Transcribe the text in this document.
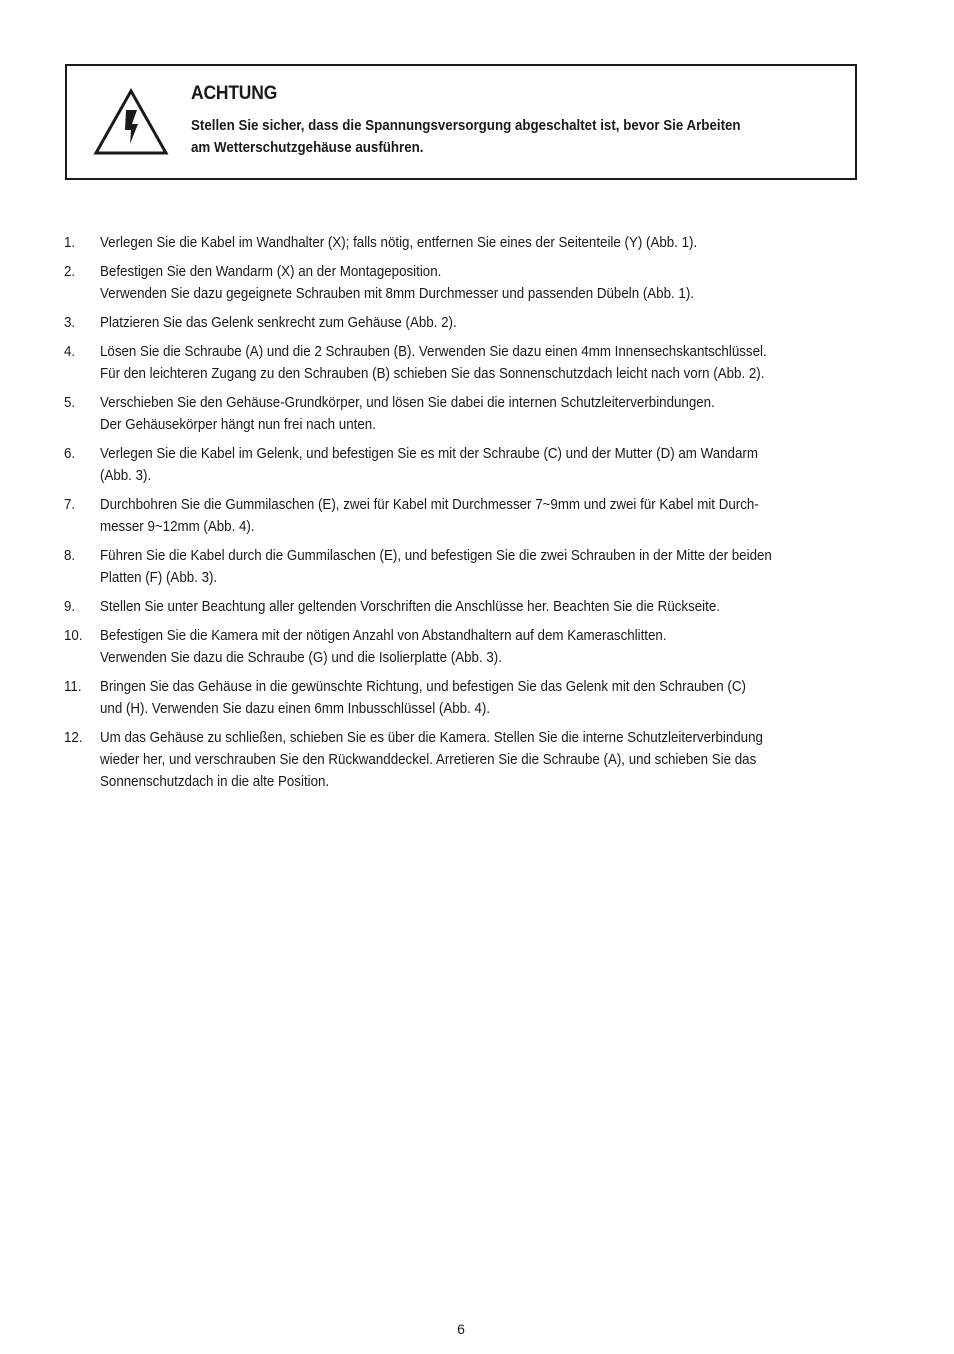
ACHTUNG
Stellen Sie sicher, dass die Spannungsversorgung abgeschaltet ist, bevor Sie Arbeiten
am Wetterschutzgehäuse ausführen.
1. Verlegen Sie die Kabel im Wandhalter (X); falls nötig, entfernen Sie eines der Seitenteile (Y) (Abb. 1).
2. Befestigen Sie den Wandarm (X) an der Montageposition.
Verwenden Sie dazu gegeignete Schrauben mit 8mm Durchmesser und passenden Dübeln (Abb. 1).
3. Platzieren Sie das Gelenk senkrecht zum Gehäuse (Abb. 2).
4. Lösen Sie die Schraube (A) und die 2 Schrauben (B). Verwenden Sie dazu einen 4mm Innensechskantschlüssel.
Für den leichteren Zugang zu den Schrauben (B) schieben Sie das Sonnenschutzdach leicht nach vorn (Abb. 2).
5. Verschieben Sie den Gehäuse-Grundkörper, und lösen Sie dabei die internen Schutzleiterverbindungen.
Der Gehäusekörper hängt nun frei nach unten.
6. Verlegen Sie die Kabel im Gelenk, und befestigen Sie es mit der Schraube (C) und der Mutter (D) am Wandarm
(Abb. 3).
7. Durchbohren Sie die Gummilaschen (E), zwei für Kabel mit Durchmesser 7~9mm und zwei für Kabel mit Durch-
messer 9~12mm (Abb. 4).
8. Führen Sie die Kabel durch die Gummilaschen (E), und befestigen Sie die zwei Schrauben in der Mitte der beiden
Platten (F) (Abb. 3).
9. Stellen Sie unter Beachtung aller geltenden Vorschriften die Anschlüsse her. Beachten Sie die Rückseite.
10. Befestigen Sie die Kamera mit der nötigen Anzahl von Abstandhaltern auf dem Kameraschlitten.
Verwenden Sie dazu die Schraube (G) und die Isolierplatte (Abb. 3).
11. Bringen Sie das Gehäuse in die gewünschte Richtung, und befestigen Sie das Gelenk mit den Schrauben (C)
und (H). Verwenden Sie dazu einen 6mm Inbusschlüssel (Abb. 4).
12. Um das Gehäuse zu schließen, schieben Sie es über die Kamera. Stellen Sie die interne Schutzleiterverbindung
wieder her, und verschrauben Sie den Rückwanddeckel. Arretieren Sie die Schraube (A), und schieben Sie das
Sonnenschutzdach in die alte Position.
6
